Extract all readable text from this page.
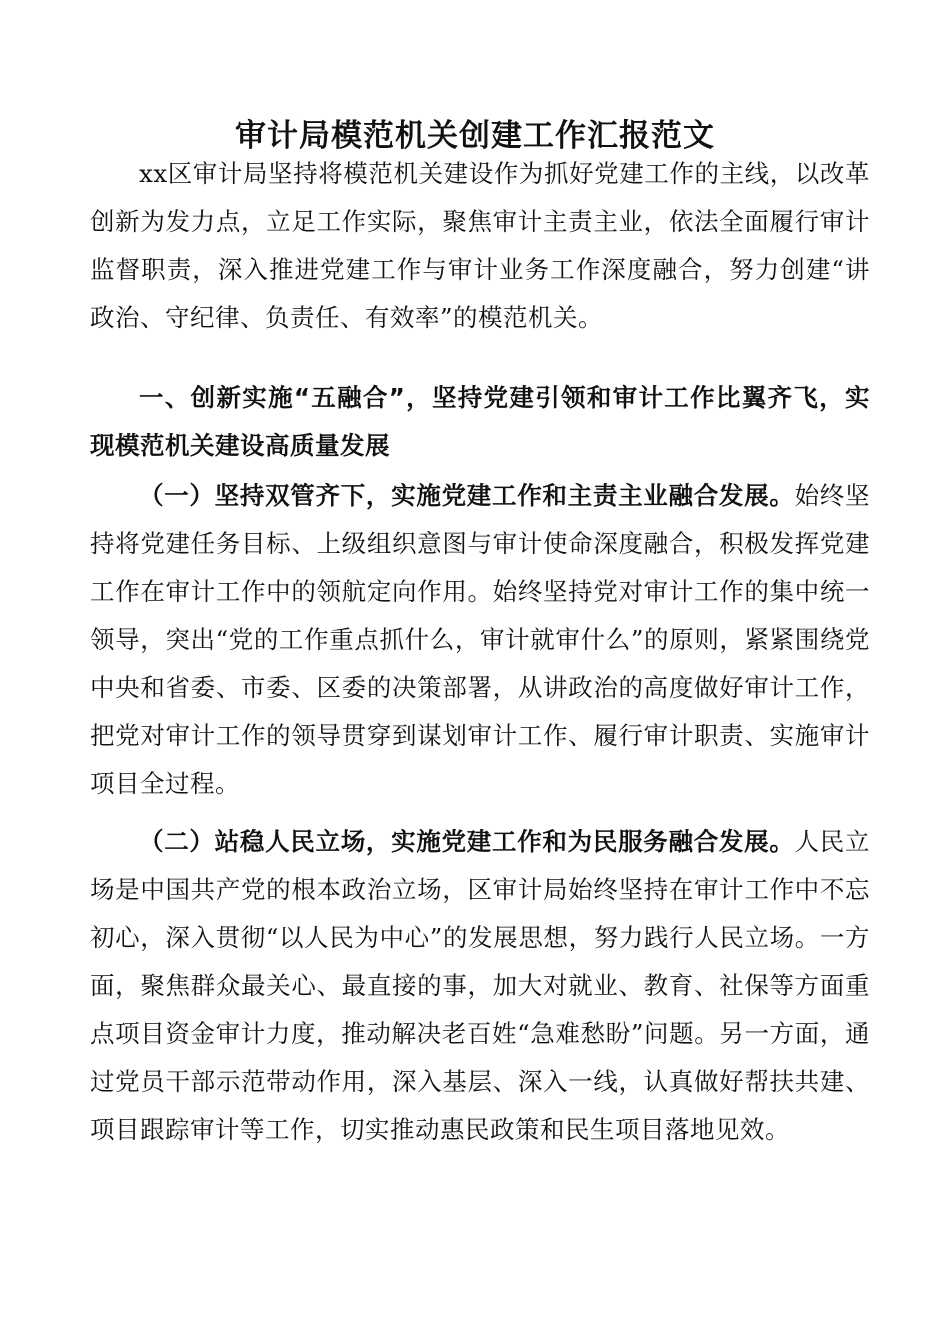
审计局模范机关创建工作汇报范文

xx区审计局坚持将模范机关建设作为抓好党建工作的主线，以改革创新为发力点，立足工作实际，聚焦审计主责主业，依法全面履行审计监督职责，深入推进党建工作与审计业务工作深度融合，努力创建“讲政治、守纪律、负责任、有效率”的模范机关。

一、创新实施“五融合”，坚持党建引领和审计工作比翼齐飞，实现模范机关建设高质量发展

（一）坚持双管齐下，实施党建工作和主责主业融合发展。始终坚持将党建任务目标、上级组织意图与审计使命深度融合，积极发挥党建工作在审计工作中的领航定向作用。始终坚持党对审计工作的集中统一领导，突出“党的工作重点抓什么，审计就审什么”的原则，紧紧围绕党中央和省委、市委、区委的决策部署，从讲政治的高度做好审计工作，把党对审计工作的领导贯穿到谋划审计工作、履行审计职责、实施审计项目全过程。

（二）站稳人民立场，实施党建工作和为民服务融合发展。人民立场是中国共产党的根本政治立场，区审计局始终坚持在审计工作中不忘初心，深入贯彻“以人民为中心”的发展思想，努力践行人民立场。一方面，聚焦群众最关心、最直接的事，加大对就业、教育、社保等方面重点项目资金审计力度，推动解决老百姓“急难愁盼”问题。另一方面，通过党员干部示范带动作用，深入基层、深入一线，认真做好帮扶共建、项目跟踪审计等工作，切实推动惠民政策和民生项目落地见效。
